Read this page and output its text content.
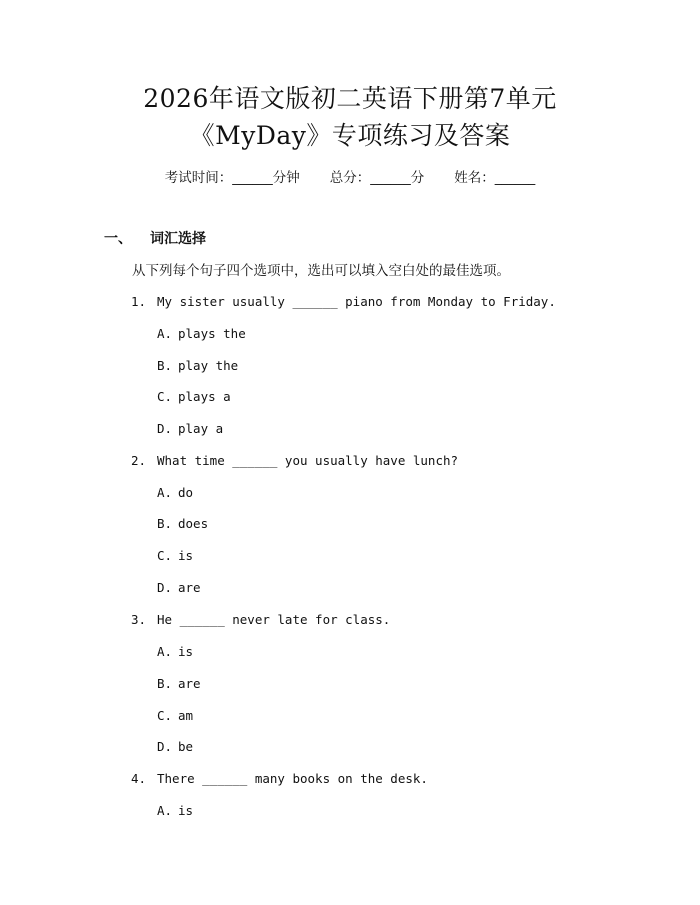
2026年语文版初二英语下册第7单元
《MyDay》专项练习及答案
考试时间：______分钟 总分：______分 姓名：______
一、 词汇选择
从下列每个句子四个选项中，选出可以填入空白处的最佳选项。
1. My sister usually ______ piano from Monday to Friday.
A. plays the
B. play the
C. plays a
D. play a
2. What time ______ you usually have lunch?
A. do
B. does
C. is
D. are
3. He ______ never late for class.
A. is
B. are
C. am
D. be
4. There ______ many books on the desk.
A. is
